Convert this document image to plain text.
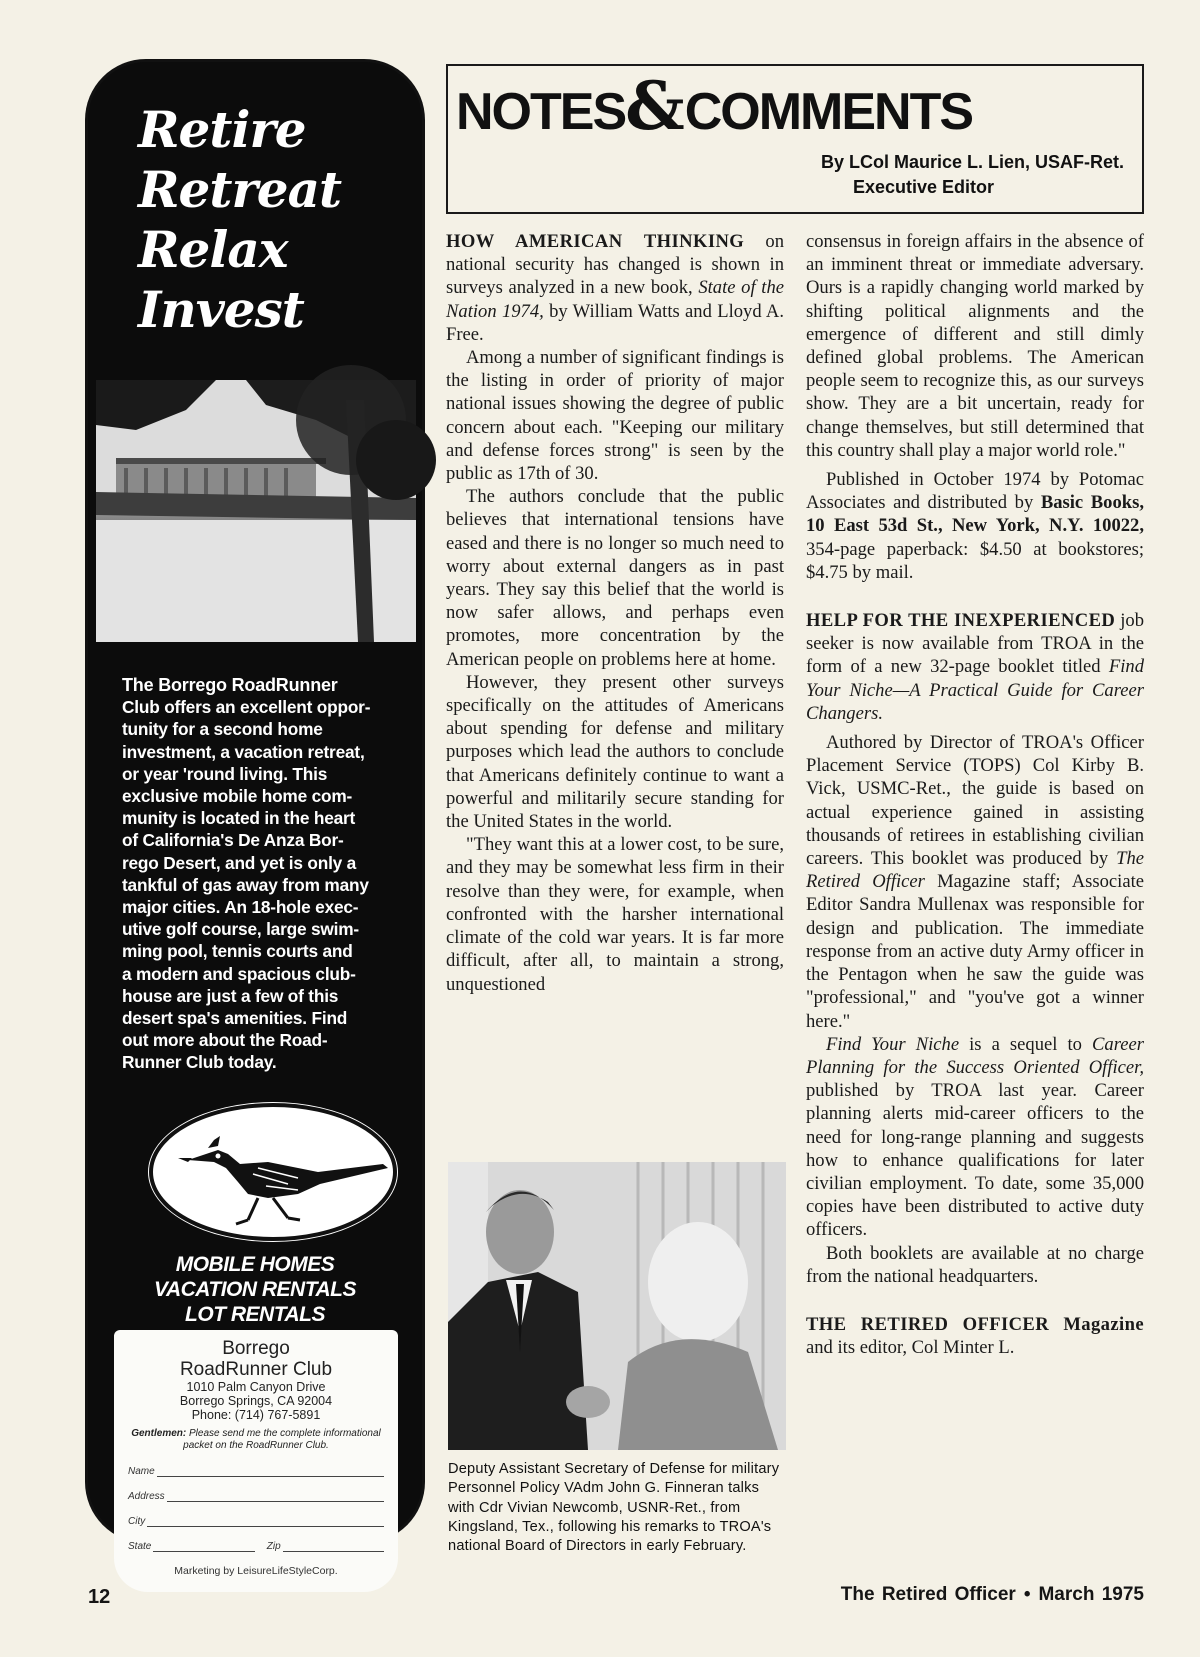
Retire
Retreat
Relax
Invest
The Borrego RoadRunner
Club offers an excellent oppor-
tunity for a second home
investment, a vacation retreat,
or year 'round living. This
exclusive mobile home com-
munity is located in the heart
of California's De Anza Bor-
rego Desert, and yet is only a
tankful of gas away from many
major cities. An 18-hole exec-
utive golf course, large swim-
ming pool, tennis courts and
a modern and spacious club-
house are just a few of this
desert spa's amenities. Find
out more about the Road-
Runner Club today.
MOBILE HOMES
VACATION RENTALS
LOT RENTALS
Borrego
RoadRunner Club
1010 Palm Canyon Drive
Borrego Springs, CA 92004
Phone: (714) 767-5891
Gentlemen: Please send me the complete informational packet on the RoadRunner Club.
Name
Address
City
State	Zip
Marketing by LeisureLifeStyleCorp.
NOTES&COMMENTS
By LCol Maurice L. Lien, USAF-Ret.
Executive Editor

HOW AMERICAN THINKING on national security has changed is shown in surveys analyzed in a new book, State of the Nation 1974, by William Watts and Lloyd A. Free.

Among a number of significant findings is the listing in order of priority of major national issues showing the degree of public concern about each. "Keeping our military and defense forces strong" is seen by the public as 17th of 30.

The authors conclude that the public believes that international tensions have eased and there is no longer so much need to worry about external dangers as in past years. They say this belief that the world is now safer allows, and perhaps even promotes, more concentration by the American people on problems here at home.

However, they present other surveys specifically on the attitudes of Americans about spending for defense and military purposes which lead the authors to conclude that Americans definitely continue to want a powerful and militarily secure standing for the United States in the world.

"They want this at a lower cost, to be sure, and they may be somewhat less firm in their resolve than they were, for example, when confronted with the harsher international climate of the cold war years. It is far more difficult, after all, to maintain a strong, unquestioned

Deputy Assistant Secretary of Defense for military Personnel Policy VAdm John G. Finneran talks with Cdr Vivian Newcomb, USNR-Ret., from Kingsland, Tex., following his remarks to TROA's national Board of Directors in early February.

consensus in foreign affairs in the absence of an imminent threat or immediate adversary. Ours is a rapidly changing world marked by shifting political alignments and the emergence of different and still dimly defined global problems. The American people seem to recognize this, as our surveys show. They are a bit uncertain, ready for change themselves, but still determined that this country shall play a major world role."

Published in October 1974 by Potomac Associates and distributed by Basic Books, 10 East 53d St., New York, N.Y. 10022, 354-page paperback: $4.50 at bookstores; $4.75 by mail.

HELP FOR THE INEXPERIENCED job seeker is now available from TROA in the form of a new 32-page booklet titled Find Your Niche—A Practical Guide for Career Changers.

Authored by Director of TROA's Officer Placement Service (TOPS) Col Kirby B. Vick, USMC-Ret., the guide is based on actual experience gained in assisting thousands of retirees in establishing civilian careers. This booklet was produced by The Retired Officer Magazine staff; Associate Editor Sandra Mullenax was responsible for design and publication. The immediate response from an active duty Army officer in the Pentagon when he saw the guide was "professional," and "you've got a winner here."

Find Your Niche is a sequel to Career Planning for the Success Oriented Officer, published by TROA last year. Career planning alerts mid-career officers to the need for long-range planning and suggests how to enhance qualifications for later civilian employment. To date, some 35,000 copies have been distributed to active duty officers.

Both booklets are available at no charge from the national headquarters.

THE RETIRED OFFICER Magazine and its editor, Col Minter L.

12	The Retired Officer • March 1975
